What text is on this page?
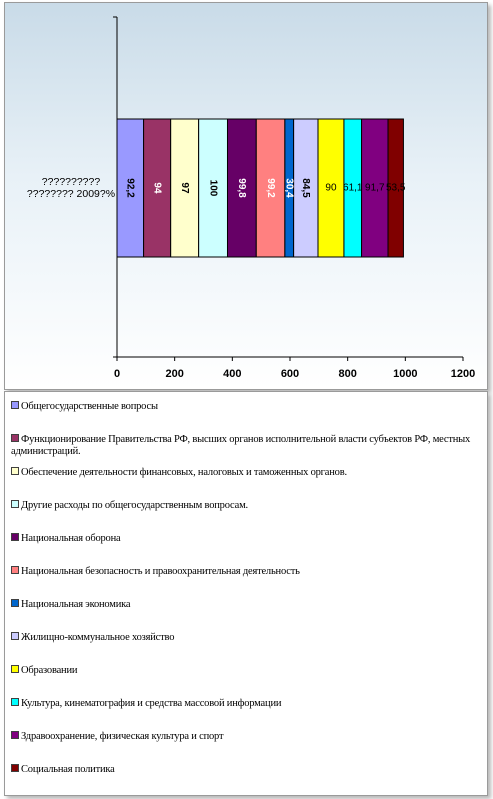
0	200	400	600	800	1000	1200
??????????
???????? 2009?% 92,2 94 97 100 99,8 99,2 30,4 84,5 90 61,1 91,7 53,5
Общегосударственные вопросы
Функционирование Правительства РФ, высших органов исполнительной власти субъектов РФ, местных администраций.
Обеспечение деятельности финансовых, налоговых и таможенных органов.
Другие расходы по общегосударственным вопросам.
Национальная оборона
Национальная безопасность и правоохранительная деятельность
Национальная экономика
Жилищно-коммунальное хозяйство
Образовании
Культура, кинематография и средства массовой информации
Здравоохранение, физическая культура и спорт
Социальная политика
